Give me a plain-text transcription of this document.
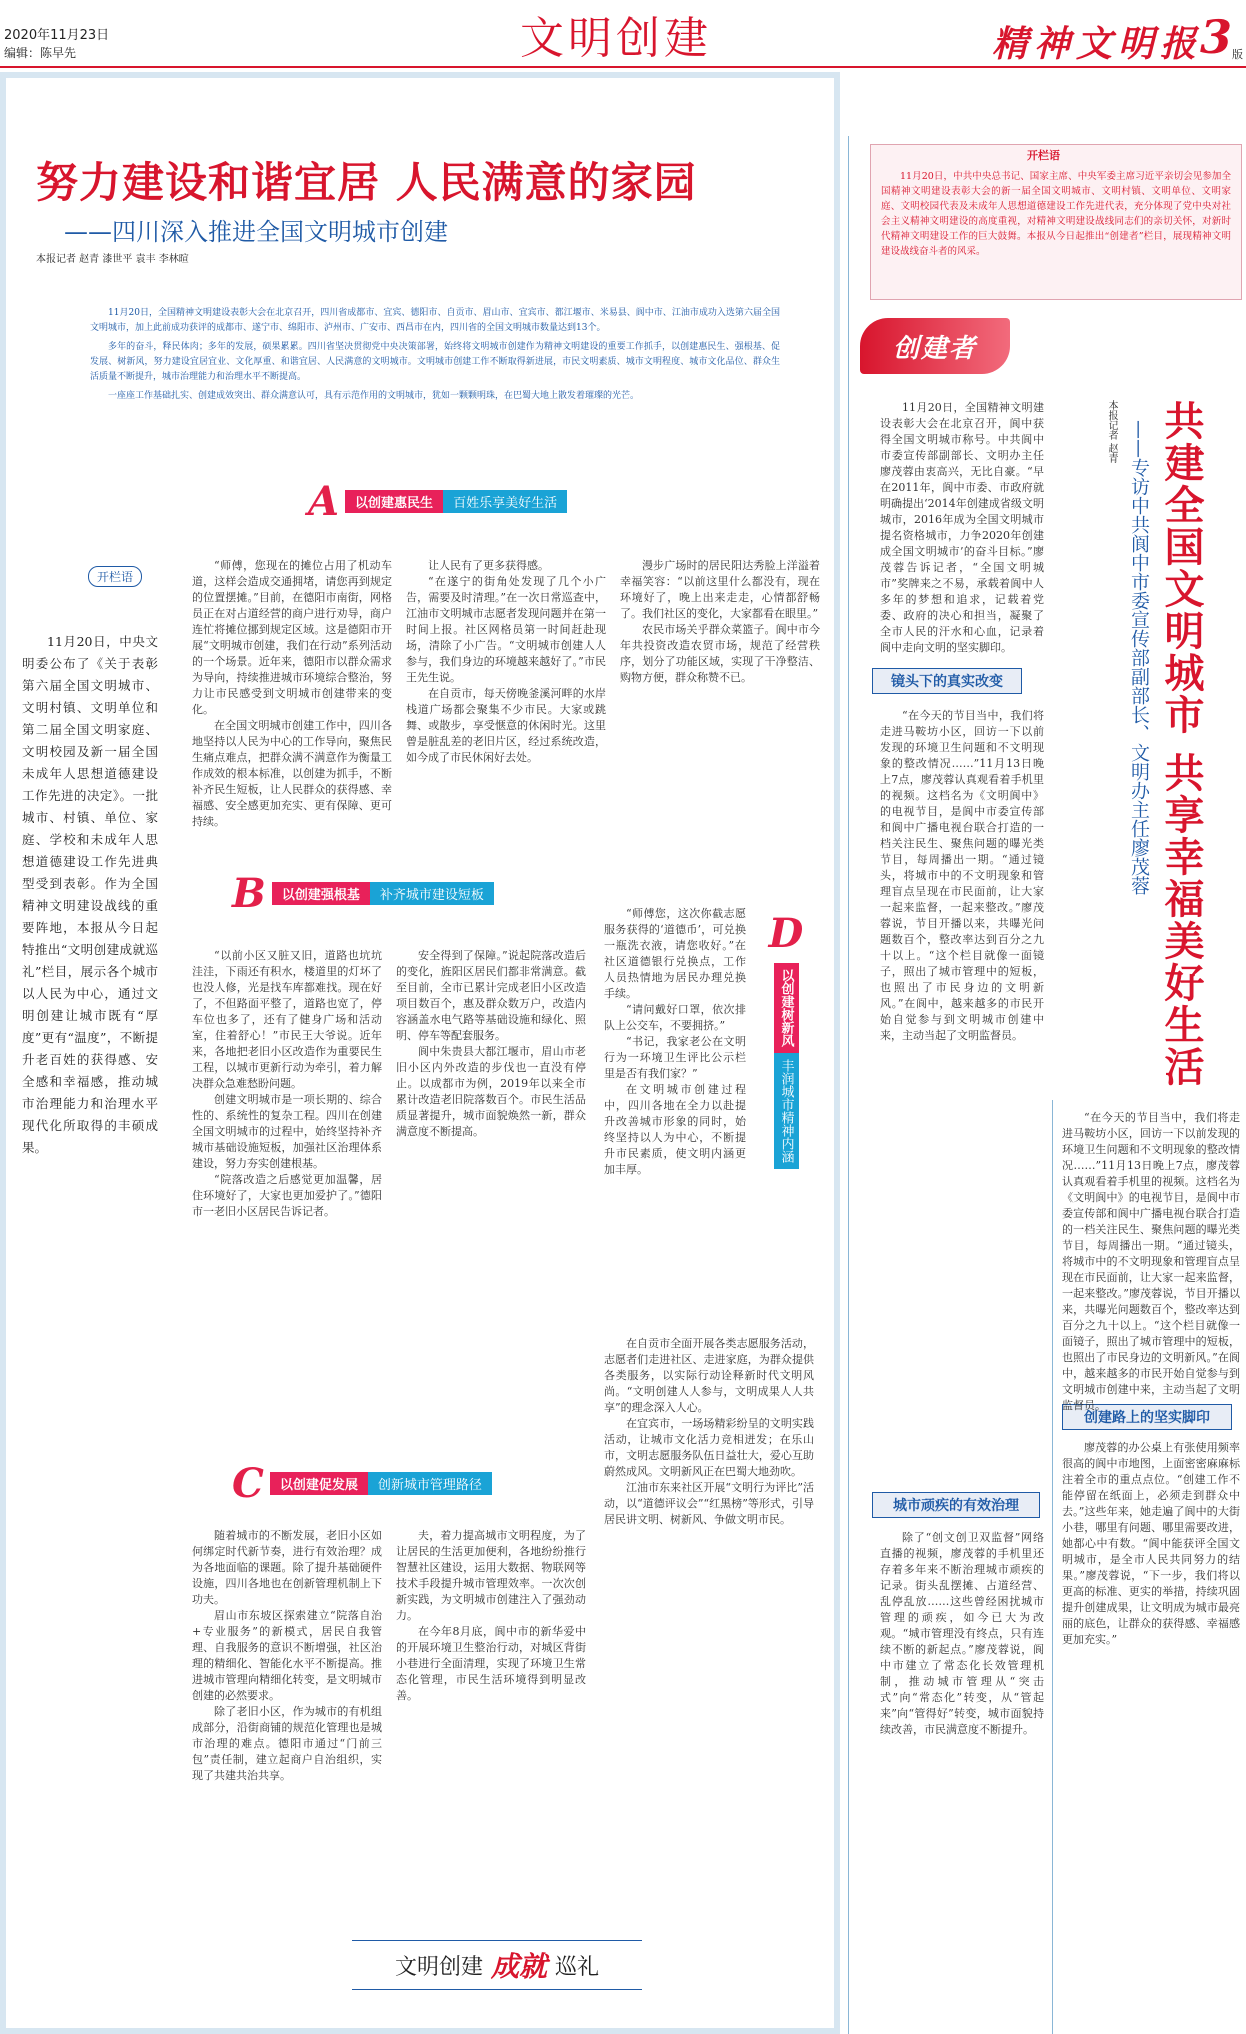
2020年11月23日
编辑：陈早先	文明创建	精神文明报
3 版
努力建设和谐宜居 人民满意的家园
——四川深入推进全国文明城市创建
本报记者 赵青 漆世平 袁丰 李林暄

11月20日，全国精神文明建设表彰大会在北京召开，四川省成都市、宜宾、德阳市、自贡市、眉山市、宜宾市、都江堰市、米易县、阆中市、江油市成功入选第六届全国文明城市，加上此前成功获评的成都市、遂宁市、绵阳市、泸州市、广安市、西昌市在内，四川省的全国文明城市数量达到13个。

多年的奋斗，释民体肉；多年的发展，硕果累累。四川省坚决贯彻党中央决策部署，始终将文明城市创建作为精神文明建设的重要工作抓手，以创建惠民生、强根基、促发展、树新风，努力建设宜居宜业、文化厚重、和谐宜居、人民满意的文明城市。文明城市创建工作不断取得新进展，市民文明素质、城市文明程度、城市文化品位、群众生活质量不断提升，城市治理能力和治理水平不断提高。

一座座工作基础扎实、创建成效突出、群众满意认可，具有示范作用的文明城市，犹如一颗颗明珠，在巴蜀大地上散发着璀璨的光芒。

开栏语
11月20日，中央文明委公布了《关于表彰第六届全国文明城市、文明村镇、文明单位和第二届全国文明家庭、文明校园及新一届全国未成年人思想道德建设工作先进的决定》。一批城市、村镇、单位、家庭、学校和未成年人思想道德建设工作先进典型受到表彰。作为全国精神文明建设战线的重要阵地，本报从今日起特推出“文明创建成就巡礼”栏目，展示各个城市以人民为中心，通过文明创建让城市既有“厚度”更有“温度”，不断提升老百姓的获得感、安全感和幸福感，推动城市治理能力和治理水平现代化所取得的丰硕成果。
A	以创建惠民生	百姓乐享美好生活

“师傅，您现在的摊位占用了机动车道，这样会造成交通拥堵，请您再到规定的位置摆摊。”目前，在德阳市南街，网格员正在对占道经营的商户进行劝导，商户连忙将摊位挪到规定区域。这是德阳市开展“文明城市创建，我们在行动”系列活动的一个场景。近年来，德阳市以群众需求为导向，持续推进城市环境综合整治，努力让市民感受到文明城市创建带来的变化。

在全国文明城市创建工作中，四川各地坚持以人民为中心的工作导向，聚焦民生痛点难点，把群众满不满意作为衡量工作成效的根本标准，以创建为抓手，不断补齐民生短板，让人民群众的获得感、幸福感、安全感更加充实、更有保障、更可持续。

让人民有了更多获得感。

“在遂宁的街角处发现了几个小广告，需要及时清理。”在一次日常巡查中，江油市文明城市志愿者发现问题并在第一时间上报。社区网格员第一时间赶赴现场，清除了小广告。“文明城市创建人人参与，我们身边的环境越来越好了。”市民王先生说。

在自贡市，每天傍晚釜溪河畔的水岸栈道广场都会聚集不少市民。大家或跳舞、或散步，享受惬意的休闲时光。这里曾是脏乱差的老旧片区，经过系统改造，如今成了市民休闲好去处。

漫步广场时的居民阳达秀脸上洋溢着幸福笑容：“以前这里什么都没有，现在环境好了，晚上出来走走，心情都舒畅了。我们社区的变化，大家都看在眼里。”

农民市场关乎群众菜篮子。阆中市今年共投资改造农贸市场，规范了经营秩序，划分了功能区域，实现了干净整洁、购物方便，群众称赞不已。

B	以创建强根基	补齐城市建设短板

“以前小区又脏又旧，道路也坑坑洼洼，下雨还有积水，楼道里的灯坏了也没人修，光是找车库都难找。现在好了，不但路面平整了，道路也宽了，停车位也多了，还有了健身广场和活动室，住着舒心！”市民王大爷说。近年来，各地把老旧小区改造作为重要民生工程，以城市更新行动为牵引，着力解决群众急难愁盼问题。

创建文明城市是一项长期的、综合性的、系统性的复杂工程。四川在创建全国文明城市的过程中，始终坚持补齐城市基础设施短板，加强社区治理体系建设，努力夯实创建根基。

“院落改造之后感觉更加温馨，居住环境好了，大家也更加爱护了。”德阳市一老旧小区居民告诉记者。

安全得到了保障。”说起院落改造后的变化，旌阳区居民们都非常满意。截至目前，全市已累计完成老旧小区改造项目数百个，惠及群众数万户，改造内容涵盖水电气路等基础设施和绿化、照明、停车等配套服务。

阆中朱贵县大都江堰市，眉山市老旧小区内外改造的步伐也一直没有停止。以成都市为例，2019年以来全市累计改造老旧院落数百个。市民生活品质显著提升，城市面貌焕然一新，群众满意度不断提高。

C	以创建促发展	创新城市管理路径

随着城市的不断发展，老旧小区如何绑定时代新节奏，进行有效治理？成为各地面临的课题。除了提升基础硬件设施，四川各地也在创新管理机制上下功夫。

眉山市东坡区探索建立“院落自治+专业服务”的新模式，居民自我管理、自我服务的意识不断增强，社区治理的精细化、智能化水平不断提高。推进城市管理向精细化转变，是文明城市创建的必然要求。

除了老旧小区，作为城市的有机组成部分，沿街商铺的规范化管理也是城市治理的难点。德阳市通过“门前三包”责任制，建立起商户自治组织，实现了共建共治共享。

夫，着力提高城市文明程度，为了让居民的生活更加便利，各地纷纷推行智慧社区建设，运用大数据、物联网等技术手段提升城市管理效率。一次次创新实践，为文明城市创建注入了强劲动力。

在今年8月底，阆中市的新华爱中的开展环境卫生整治行动，对城区背街小巷进行全面清理，实现了环境卫生常态化管理，市民生活环境得到明显改善。

D
以创建树新风
丰润城市精神内涵

“师傅您，这次你截志愿服务获得的‘道德币’，可兑换一瓶洗衣液，请您收好。”在社区道德银行兑换点，工作人员热情地为居民办理兑换手续。

“请问戴好口罩，依次排队上公交车，不要拥挤。”

“书记，我家老公在文明行为一环境卫生评比公示栏里是否有我们家？”

在文明城市创建过程中，四川各地在全力以赴提升改善城市形象的同时，始终坚持以人为中心，不断提升市民素质，使文明内涵更加丰厚。

在自贡市全面开展各类志愿服务活动，志愿者们走进社区、走进家庭，为群众提供各类服务，以实际行动诠释新时代文明风尚。“文明创建人人参与，文明成果人人共享”的理念深入人心。

在宜宾市，一场场精彩纷呈的文明实践活动，让城市文化活力竞相迸发；在乐山市，文明志愿服务队伍日益壮大，爱心互助蔚然成风。文明新风正在巴蜀大地劲吹。

江油市东来社区开展“文明行为评比”活动，以“道德评议会”“红黑榜”等形式，引导居民讲文明、树新风、争做文明市民。

文明创建 成就 巡礼
开栏语
11月20日，中共中央总书记、国家主席、中央军委主席习近平亲切会见参加全国精神文明建设表彰大会的新一届全国文明城市、文明村镇、文明单位、文明家庭、文明校园代表及未成年人思想道德建设工作先进代表，充分体现了党中央对社会主义精神文明建设的高度重视，对精神文明建设战线同志们的亲切关怀，对新时代精神文明建设工作的巨大鼓舞。本报从今日起推出“创建者”栏目，展现精神文明建设战线奋斗者的风采。
创建者
共建全国文明城市 共享幸福美好生活
——专访中共阆中市委宣传部副部长、文明办主任廖茂蓉
本报记者 赵青
11月20日，全国精神文明建设表彰大会在北京召开，阆中获得全国文明城市称号。中共阆中市委宣传部副部长、文明办主任廖茂蓉由衷高兴，无比自豪。“早在2011年，阆中市委、市政府就明确提出‘2014年创建成省级文明城市，2016年成为全国文明城市提名资格城市，力争2020年创建成全国文明城市’的奋斗目标。”廖茂蓉告诉记者，“全国文明城市”奖牌来之不易，承载着阆中人多年的梦想和追求，记载着党委、政府的决心和担当，凝聚了全市人民的汗水和心血，记录着阆中走向文明的坚实脚印。
镜头下的真实改变
“在今天的节目当中，我们将走进马鞍坊小区，回访一下以前发现的环境卫生问题和不文明现象的整改情况……”11月13日晚上7点，廖茂蓉认真观看着手机里的视频。这档名为《文明阆中》的电视节目，是阆中市委宣传部和阆中广播电视台联合打造的一档关注民生、聚焦问题的曝光类节目，每周播出一期。“通过镜头，将城市中的不文明现象和管理盲点呈现在市民面前，让大家一起来监督，一起来整改。”廖茂蓉说，节目开播以来，共曝光问题数百个，整改率达到百分之九十以上。“这个栏目就像一面镜子，照出了城市管理中的短板，也照出了市民身边的文明新风。”在阆中，越来越多的市民开始自觉参与到文明城市创建中来，主动当起了文明监督员。
城市顽疾的有效治理
除了“创文创卫双监督”网络直播的视频，廖茂蓉的手机里还存着多年来不断治理城市顽疾的记录。街头乱摆摊、占道经营、乱停乱放……这些曾经困扰城市管理的顽疾，如今已大为改观。“城市管理没有终点，只有连续不断的新起点。”廖茂蓉说，阆中市建立了常态化长效管理机制，推动城市管理从“突击式”向“常态化”转变，从“管起来”向“管得好”转变，城市面貌持续改善，市民满意度不断提升。
创建路上的坚实脚印
廖茂蓉的办公桌上有张使用频率很高的阆中市地图，上面密密麻麻标注着全市的重点点位。“创建工作不能停留在纸面上，必须走到群众中去。”这些年来，她走遍了阆中的大街小巷，哪里有问题、哪里需要改进，她都心中有数。“阆中能获评全国文明城市，是全市人民共同努力的结果。”廖茂蓉说，“下一步，我们将以更高的标准、更实的举措，持续巩固提升创建成果，让文明成为城市最亮丽的底色，让群众的获得感、幸福感更加充实。”

“在今天的节目当中，我们将走进马鞍坊小区，回访一下以前发现的环境卫生问题和不文明现象的整改情况……”11月13日晚上7点，廖茂蓉认真观看着手机里的视频。这档名为《文明阆中》的电视节目，是阆中市委宣传部和阆中广播电视台联合打造的一档关注民生、聚焦问题的曝光类节目，每周播出一期。“通过镜头，将城市中的不文明现象和管理盲点呈现在市民面前，让大家一起来监督，一起来整改。”廖茂蓉说，节目开播以来，共曝光问题数百个，整改率达到百分之九十以上。“这个栏目就像一面镜子，照出了城市管理中的短板，也照出了市民身边的文明新风。”在阆中，越来越多的市民开始自觉参与到文明城市创建中来，主动当起了文明监督员。
